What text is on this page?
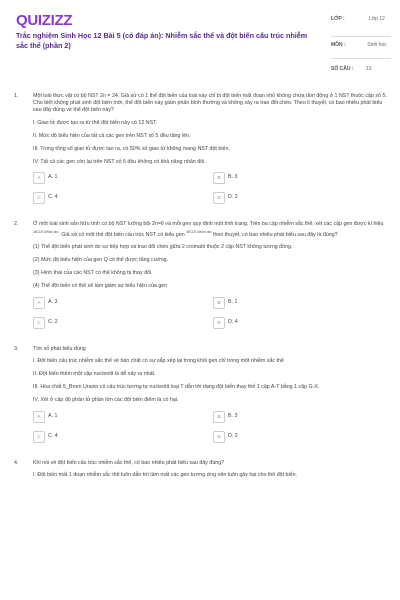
QUIZIZZ
Trắc nghiệm Sinh Học 12 Bài 5 (có đáp án): Nhiễm sắc thể và đột biến cấu trúc nhiễm sắc thể (phần 2)
LỚP :	Lớp 12
MÔN :	Sinh học
SỐ CÂU :	13
1.	Một loài thực vật có bộ NST 2n = 24. Giả sử có 1 thể đột biến của loài này chỉ bị đột biến mất đoạn nhỏ không chứa tâm động ở 1 NST thuộc cặp số 5. Cho biết không phát sinh đột biến mới, thể đột biến này giảm phân bình thường và không xảy ra trao đổi chéo. Theo lí thuyết, có bao nhiêu phát biểu sau đây đúng về thể đột biến này?

I. Giao tử được tạo ra từ thể đột biến này có 12 NST.

II. Mức độ biểu hiện của tất cả các gen trên NST số 5 đều tăng lên.

III. Trong tổng số giao tử được tạo ra, có 50% số giao tử không mang NST đột biến.

IV. Tất cả các gen còn lại trên NST số 5 đều không có khả năng nhân đôi.

A	A. 1	B	B. 3
C	C. 4	D	D. 2
2.	Ở một loài sinh sản hữu tính có bộ NST lưỡng bội 2n=6 và mỗi gen quy định một tính trạng. Trên ba cặp nhiễm sắc thể, xét các cặp gen được kí hiệu $^{ABCDE MNhm abc}$. Giả sử có một thể đột biến cấu trúc NST có kiểu gen $^{ABCDE MNhm abc}$ theo thuyết, có bao nhiêu phát biểu sau đây là đúng?

(1) Thể đột biến phát sinh do sự tiếp hợp và trao đổi chéo giữa 2 cromatit thuộc 2 cặp NST không tương đồng.

(2) Mức độ biểu hiện của gen Q có thể được tăng cường.

(3) Hình thái của các NST có thể không bị thay đổi.

(4) Thể đột biến có thể sẽ làm giảm sự biểu hiện của gen

A	A. 3	B	B. 1
C	C. 2	D	D. 4
3.	Tìm số phát biểu đúng

I. Đột biến cấu trúc nhiễm sắc thể về bản chất có sự sắp xếp lại trong khối gen chỉ trong một nhiễm sắc thể

II. Đột biến thêm một cặp nucleotit là dễ xảy ra nhất.

III. Hóa chất 5_Brom Uraxin có cấu trúc tương tự nucleotit loại T dẫn tới dạng đột biến thay thế 1 cặp A-T bằng 1 cặp G-X.

IV. Xét ở cấp độ phân tử phần lớn các đột biến điểm là có hại.

A	A. 1	B	B. 3
C	C. 4	D	D. 2
4.	Khi nói về đột biến cấu trúc nhiễm sắc thể, có bao nhiêu phát biểu sau đây đúng?

I. Đột biến mất 1 đoạn nhiễm sắc thể luôn dẫn tới làm mất các gen tương ứng nên luôn gây hại cho thể đột biến.
